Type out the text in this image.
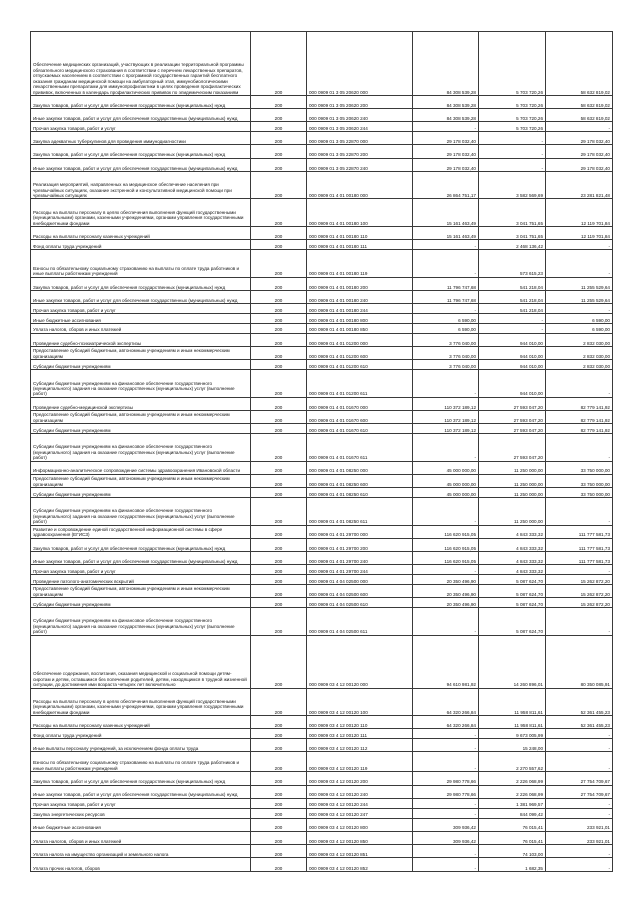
Обеспечение медицинских организаций, участвующих в реализации территориальной программы обязательного медицинского страхования в соответствии с перечнем лекарственных препаратов, отпускаемых населением в соответствии с программой государственных гарантий бесплатного оказания гражданам медицинской помощи на амбулаторный этап, иммунобиологическими лекарственными препаратами для иммунопрофилактики в целях проведения профилактических прививок, включенных в календарь профилактических прививок по эпидемическим показаниям	200	000 0909 01 3 05 20620 000	84 308 539,28	5 703 720,26	58 632 819,02
Закупка товаров, работ и услуг для обеспечения государственных (муниципальных) нужд	200	000 0909 01 3 05 20620 200	84 308 539,28	5 703 720,26	58 632 819,02
Иные закупки товаров, работ и услуг для обеспечения государственных (муниципальных) нужд	200	000 0909 01 3 05 20620 240	84 308 539,28	5 703 720,26	58 632 819,02
Прочая закупка товаров, работ и услуг	200	000 0909 01 3 05 20620 244	-	5 703 720,26	-
Закупка адекватных туберкулинов для проведения иммунодиагностики	200	000 0909 01 3 05 22870 000	29 178 032,40	-	29 178 032,40
Закупка товаров, работ и услуг для обеспечения государственных (муниципальных) нужд	200	000 0909 01 3 05 22870 200	29 178 032,40	-	29 178 032,40
Иные закупки товаров, работ и услуг для обеспечения государственных (муниципальных) нужд	200	000 0909 01 3 05 22870 240	29 178 032,40	-	29 178 032,40
Реализация мероприятий, направленных на медицинское обеспечение населения при чрезвычайных ситуациях, оказание экстренной и консультативной медицинской помощи при чрезвычайных ситуациях	200	000 0909 01 4 01 00180 000	26 864 751,17	3 582 569,69	23 281 821,48
Расходы на выплаты персоналу в целях обеспечения выполнения функций государственными (муниципальными) органами, казенными учреждениями, органами управления государственными внебюджетными фондами	200	000 0909 01 4 01 00180 100	15 161 463,49	3 041 751,65	12 119 701,84
Расходы на выплаты персоналу казенных учреждений	200	000 0909 01 4 01 00180 110	15 161 463,49	3 041 751,65	12 119 701,84
Фонд оплаты труда учреждений	200	000 0909 01 4 01 00180 111	-	2 468 136,42	-
Взносы по обязательному социальному страхованию на выплаты по оплате труда работников и иные выплаты работникам учреждений	200	000 0909 01 4 01 00180 119	-	573 615,23	-
Закупка товаров, работ и услуг для обеспечения государственных (муниципальных) нужд	200	000 0909 01 4 01 00180 200	11 796 747,68	541 218,04	11 255 529,64
Иные закупки товаров, работ и услуг для обеспечения государственных (муниципальных) нужд	200	000 0909 01 4 01 00180 240	11 796 747,68	541 218,04	11 255 529,64
Прочая закупка товаров, работ и услуг	200	000 0909 01 4 01 00180 244	-	541 218,04	-
Иные бюджетные ассигнования	200	000 0909 01 4 01 00180 800	6 590,00	-	6 590,00
Уплата налогов, сборов и иных платежей	200	000 0909 01 4 01 00180 850	6 590,00	-	6 590,00
Проведение судебно-психиатрической экспертизы	200	000 0909 01 4 01 01200 000	3 776 040,00	944 010,00	2 832 030,00
Предоставление субсидий бюджетным, автономным учреждениям и иным некоммерческим организациям	200	000 0909 01 4 01 01200 600	3 776 040,00	944 010,00	2 832 030,00
Субсидии бюджетным учреждениям	200	000 0909 01 4 01 01200 610	3 776 040,00	944 010,00	2 832 030,00
Субсидии бюджетным учреждениям на финансовое обеспечение государственного (муниципального) задания на оказание государственных (муниципальных) услуг (выполнение работ)	200	000 0909 01 4 01 01200 611	-	944 010,00	-
Проведение судебно-медицинской экспертизы	200	000 0909 01 4 01 01670 000	110 372 189,12	27 593 047,20	82 779 141,92
Предоставление субсидий бюджетным, автономным учреждениям и иным некоммерческим организациям	200	000 0909 01 4 01 01670 600	110 372 189,12	27 593 047,20	82 779 141,92
Субсидии бюджетным учреждениям	200	000 0909 01 4 01 01670 610	110 372 189,12	27 593 047,20	82 779 141,92
Субсидии бюджетным учреждениям на финансовое обеспечение государственного (муниципального) задания на оказание государственных (муниципальных) услуг (выполнение работ)	200	000 0909 01 4 01 01670 611	-	27 593 047,20	-
Информационно-аналитическое сопровождение системы здравоохранения Ивановской области	200	000 0909 01 4 01 08250 000	45 000 000,00	11 250 000,00	33 750 000,00
Предоставление субсидий бюджетным, автономным учреждениям и иным некоммерческим организациям	200	000 0909 01 4 01 08250 600	45 000 000,00	11 250 000,00	33 750 000,00
Субсидии бюджетным учреждениям	200	000 0909 01 4 01 08250 610	45 000 000,00	11 250 000,00	33 750 000,00
Субсидии бюджетным учреждениям на финансовое обеспечение государственного (муниципального) задания на оказание государственных (муниципальных) услуг (выполнение работ)	200	000 0909 01 4 01 08250 611	-	11 250 000,00	-
Развитие и сопровождение единой государственной информационной системы в сфере здравоохранения (ЕГИСЗ)	200	000 0909 01 4 01 29700 000	116 620 915,05	4 843 333,32	111 777 581,73
Закупка товаров, работ и услуг для обеспечения государственных (муниципальных) нужд	200	000 0909 01 4 01 29700 200	116 620 915,05	4 843 333,32	111 777 581,73
Иные закупки товаров, работ и услуг для обеспечения государственных (муниципальных) нужд	200	000 0909 01 4 01 29700 240	116 620 915,05	4 843 333,32	111 777 581,73
Прочая закупка товаров, работ и услуг	200	000 0909 01 4 01 29700 244	-	4 843 333,32	-
Проведение патолого-анатомических вскрытий	200	000 0909 01 4 04 02500 000	20 350 496,90	5 087 624,70	15 262 872,20
Предоставление субсидий бюджетным, автономным учреждениям и иным некоммерческим организациям	200	000 0909 01 4 04 02500 600	20 350 496,90	5 087 624,70	15 262 872,20
Субсидии бюджетным учреждениям	200	000 0909 01 4 04 02500 610	20 350 496,90	5 087 624,70	15 262 872,20
Субсидии бюджетным учреждениям на финансовое обеспечение государственного (муниципального) задания на оказание государственных (муниципальных) услуг (выполнение работ)	200	000 0909 01 4 04 02500 611	-	5 087 624,70	-
Обеспечение содержания, воспитания, оказания медицинской и социальной помощи детям-сиротам и детям, оставшимся без попечения родителей, детям, находящимся в трудной жизненной ситуации, до достижения ими возраста четырех лет включительно	200	000 0909 03 4 12 00120 000	94 610 981,92	14 260 896,01	80 350 085,91
Расходы на выплаты персоналу в целях обеспечения выполнения функций государственными (муниципальными) органами, казенными учреждениями, органами управления государственными внебюджетными фондами	200	000 0909 03 4 12 00120 100	64 320 266,84	11 958 811,61	52 361 455,23
Расходы на выплаты персоналу казенных учреждений	200	000 0909 03 4 12 00120 110	64 320 266,84	11 958 811,61	52 361 455,23
Фонд оплаты труда учреждений	200	000 0909 03 4 12 00120 111	-	9 673 005,99	-
Иные выплаты персоналу учреждений, за исключением фонда оплаты труда	200	000 0909 03 4 12 00120 112	-	15 248,00	-
Взносы по обязательному социальному страхованию на выплаты по оплате труда работников и иные выплаты работникам учреждений	200	000 0909 03 4 12 00120 119	-	2 270 557,62	-
Закупка товаров, работ и услуг для обеспечения государственных (муниципальных) нужд	200	000 0909 03 4 12 00120 200	29 980 778,66	2 226 068,99	27 754 709,67
Иные закупки товаров, работ и услуг для обеспечения государственных (муниципальных) нужд	200	000 0909 03 4 12 00120 240	29 980 778,66	2 226 068,99	27 754 709,67
Прочая закупка товаров, работ и услуг	200	000 0909 03 4 12 00120 244	-	1 381 969,57	-
Закупка энергетических ресурсов	200	000 0909 03 4 12 00120 247	-	844 099,42	-
Иные бюджетные ассигнования	200	000 0909 03 4 12 00120 800	309 936,42	76 015,41	233 921,01
Уплата налогов, сборов и иных платежей	200	000 0909 03 4 12 00120 850	309 936,42	76 015,41	233 921,01
Уплата налога на имущество организаций и земельного налога	200	000 0909 03 4 12 00120 851	-	74 103,00	-
Уплата прочих налогов, сборов	200	000 0909 03 4 12 00120 852	-	1 682,35	-
